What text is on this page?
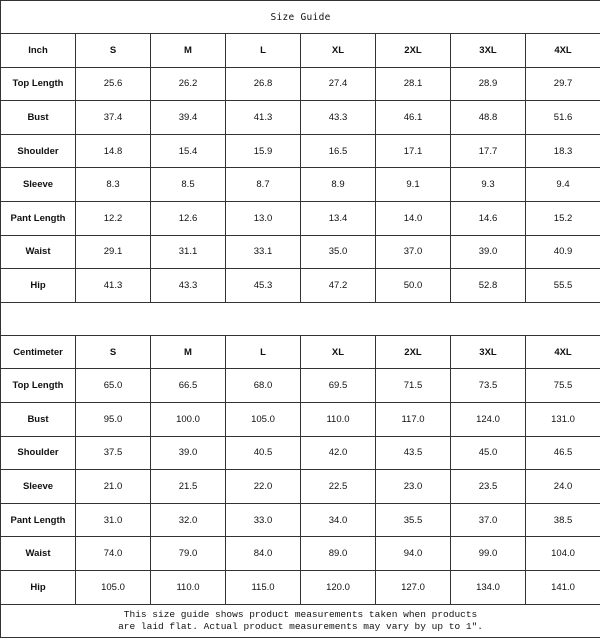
Size Guide							
Inch	S	M	L	XL	2XL	3XL	4XL
Top Length	25.6	26.2	26.8	27.4	28.1	28.9	29.7
Bust	37.4	39.4	41.3	43.3	46.1	48.8	51.6
Shoulder	14.8	15.4	15.9	16.5	17.1	17.7	18.3
Sleeve	8.3	8.5	8.7	8.9	9.1	9.3	9.4
Pant Length	12.2	12.6	13.0	13.4	14.0	14.6	15.2
Waist	29.1	31.1	33.1	35.0	37.0	39.0	40.9
Hip	41.3	43.3	45.3	47.2	50.0	52.8	55.5

Centimeter	S	M	L	XL	2XL	3XL	4XL
Top Length	65.0	66.5	68.0	69.5	71.5	73.5	75.5
Bust	95.0	100.0	105.0	110.0	117.0	124.0	131.0
Shoulder	37.5	39.0	40.5	42.0	43.5	45.0	46.5
Sleeve	21.0	21.5	22.0	22.5	23.0	23.5	24.0
Pant Length	31.0	32.0	33.0	34.0	35.5	37.0	38.5
Waist	74.0	79.0	84.0	89.0	94.0	99.0	104.0
Hip	105.0	110.0	115.0	120.0	127.0	134.0	141.0

This size guide shows product measurements taken when products
are laid flat. Actual product measurements may vary by up to 1".							
